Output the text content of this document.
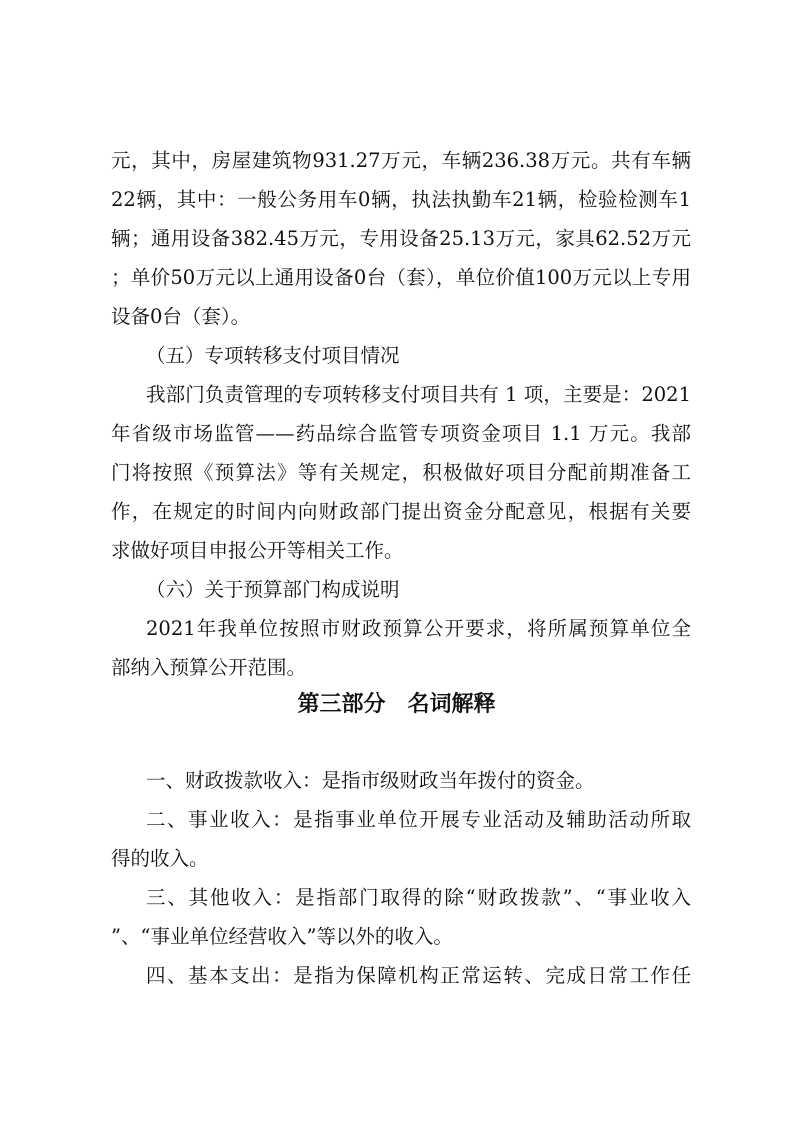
元，其中，房屋建筑物931.27万元，车辆236.38万元。共有车辆
22辆，其中：一般公务用车0辆，执法执勤车21辆，检验检测车1
辆；通用设备382.45万元，专用设备25.13万元，家具62.52万元
；单价50万元以上通用设备0台（套），单位价值100万元以上专用
设备0台（套）。
（五）专项转移支付项目情况
我部门负责管理的专项转移支付项目共有 1 项，主要是：2021
年省级市场监管——药品综合监管专项资金项目 1.1 万元。我部
门将按照《预算法》等有关规定，积极做好项目分配前期准备工
作，在规定的时间内向财政部门提出资金分配意见，根据有关要
求做好项目申报公开等相关工作。
（六）关于预算部门构成说明
2021年我单位按照市财政预算公开要求，将所属预算单位全
部纳入预算公开范围。
第三部分　名词解释
一、财政拨款收入：是指市级财政当年拨付的资金。
二、事业收入：是指事业单位开展专业活动及辅助活动所取
得的收入。
三、其他收入：是指部门取得的除“财政拨款”、“事业收入
”、“事业单位经营收入”等以外的收入。
四、基本支出：是指为保障机构正常运转、完成日常工作任
